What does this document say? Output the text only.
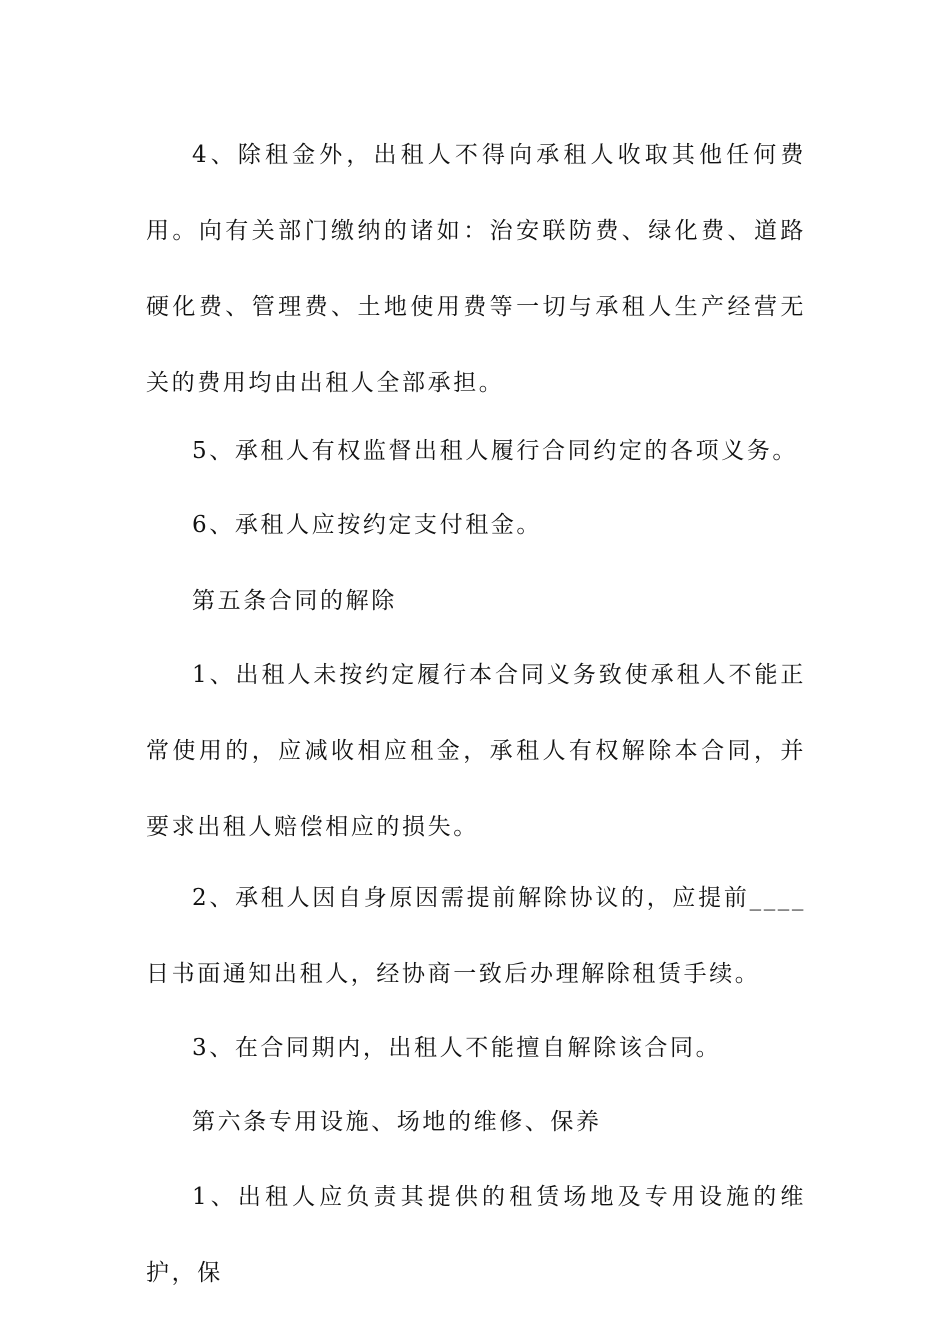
4、除租金外，出租人不得向承租人收取其他任何费用。向有关部门缴纳的诸如：治安联防费、绿化费、道路硬化费、管理费、土地使用费等一切与承租人生产经营无关的费用均由出租人全部承担。

5、承租人有权监督出租人履行合同约定的各项义务。

6、承租人应按约定支付租金。

第五条合同的解除

1、出租人未按约定履行本合同义务致使承租人不能正常使用的，应减收相应租金，承租人有权解除本合同，并要求出租人赔偿相应的损失。

2、承租人因自身原因需提前解除协议的，应提前____日书面通知出租人，经协商一致后办理解除租赁手续。

3、在合同期内，出租人不能擅自解除该合同。

第六条专用设施、场地的维修、保养

1、出租人应负责其提供的租赁场地及专用设施的维护，保
